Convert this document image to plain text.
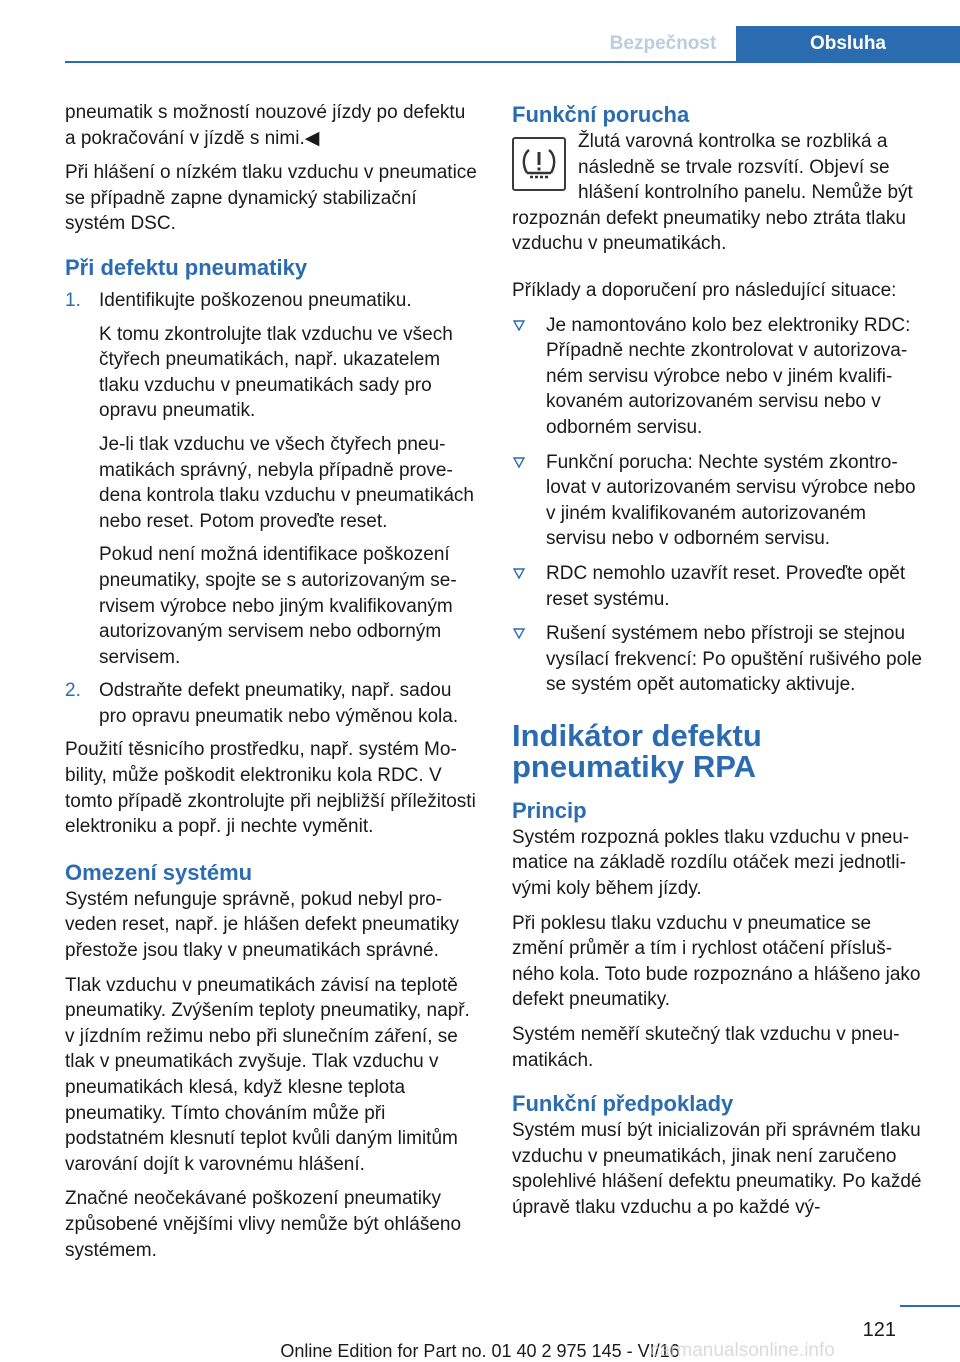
Bezpečnost	Obsluha

pneumatik s možností nouzové jízdy po defektu a pokračování v jízdě s nimi.◀

Při hlášení o nízkém tlaku vzduchu v pneumatice se případně zapne dynamický stabilizační systém DSC.

Při defektu pneumatiky
1. Identifikujte poškozenou pneumatiku.

K tomu zkontrolujte tlak vzduchu ve všech čtyřech pneumatikách, např. ukazatelem tlaku vzduchu v pneumatikách sady pro opravu pneumatik.

Je-li tlak vzduchu ve všech čtyřech pneumatikách správný, nebyla případně provedena kontrola tlaku vzduchu v pneumatikách nebo reset. Potom proveďte reset.

Pokud není možná identifikace poškození pneumatiky, spojte se s autorizovaným servisem výrobce nebo jiným kvalifikovaným autorizovaným servisem nebo odborným servisem.

2. Odstraňte defekt pneumatiky, např. sadou pro opravu pneumatik nebo výměnou kola.

Použití těsnicího prostředku, např. systém Mobility, může poškodit elektroniku kola RDC. V tomto případě zkontrolujte při nejbližší příležitosti elektroniku a popř. ji nechte vyměnit.

Omezení systému

Systém nefunguje správně, pokud nebyl proveden reset, např. je hlášen defekt pneumatiky přestože jsou tlaky v pneumatikách správné.

Tlak vzduchu v pneumatikách závisí na teplotě pneumatiky. Zvýšením teploty pneumatiky, např. v jízdním režimu nebo při slunečním záření, se tlak v pneumatikách zvyšuje. Tlak vzduchu v pneumatikách klesá, když klesne teplota pneumatiky. Tímto chováním může při podstatném klesnutí teplot kvůli daným limitům varování dojít k varovnému hlášení.

Značné neočekávané poškození pneumatiky způsobené vnějšími vlivy nemůže být ohlášeno systémem.

Funkční porucha

Žlutá varovná kontrolka se rozbliká a následně se trvale rozsvítí. Objeví se hlášení kontrolního panelu. Nemůže být rozpoznán defekt pneumatiky nebo ztráta tlaku vzduchu v pneumatikách.

Příklady a doporučení pro následující situace:

Je namontováno kolo bez elektroniky RDC: Případně nechte zkontrolovat v autorizovaném servisu výrobce nebo v jiném kvalifikovaném autorizovaném servisu nebo v odborném servisu.

Funkční porucha: Nechte systém zkontrolovat v autorizovaném servisu výrobce nebo v jiném kvalifikovaném autorizovaném servisu nebo v odborném servisu.

RDC nemohlo uzavřít reset. Proveďte opět reset systému.

Rušení systémem nebo přístroji se stejnou vysílací frekvencí: Po opuštění rušivého pole se systém opět automaticky aktivuje.

Indikátor defektu pneumatiky RPA
Princip

Systém rozpozná pokles tlaku vzduchu v pneumatice na základě rozdílu otáček mezi jednotlivými koly během jízdy.

Při poklesu tlaku vzduchu v pneumatice se změní průměr a tím i rychlost otáčení příslušného kola. Toto bude rozpoznáno a hlášeno jako defekt pneumatiky.

Systém neměří skutečný tlak vzduchu v pneumatikách.

Funkční předpoklady

Systém musí být inicializován při správném tlaku vzduchu v pneumatikách, jinak není zaručeno spolehlivé hlášení defektu pneumatiky. Po každé úpravě tlaku vzduchu a po každé vý-

121
Online Edition for Part no. 01 40 2 975 145 - VI/16
carmanualsonline.info
